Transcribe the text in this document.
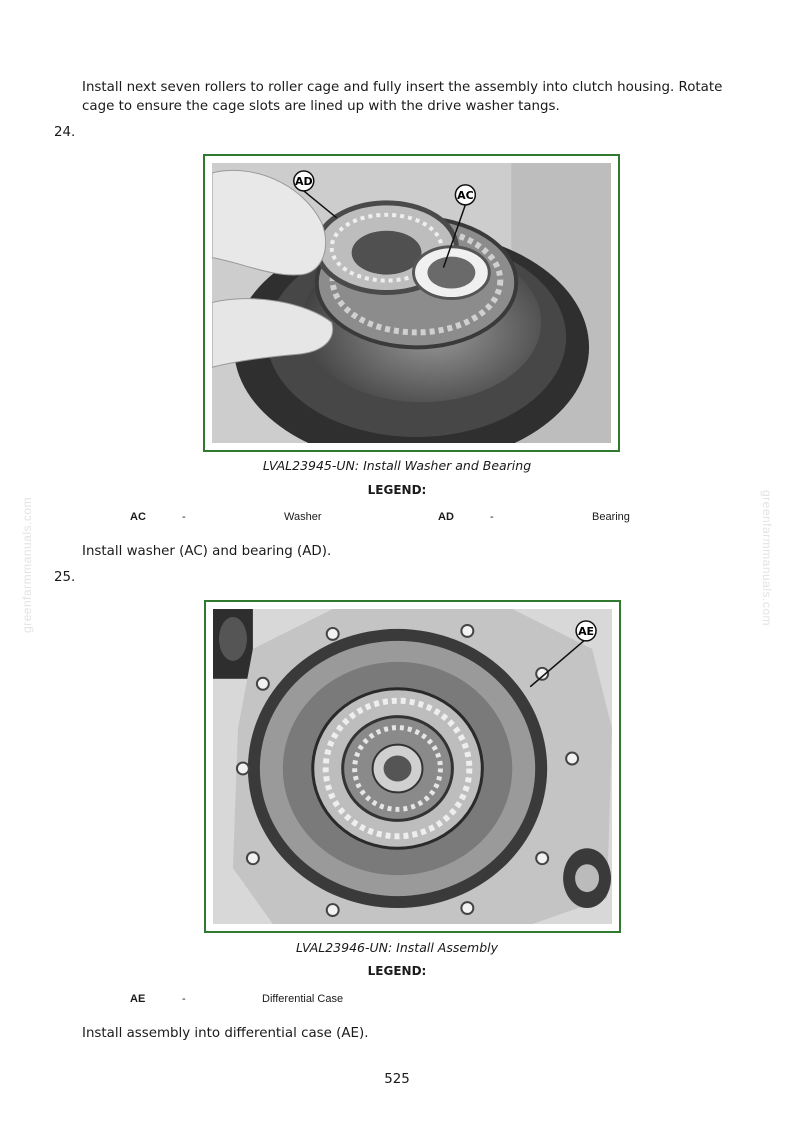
greenfarmmanuals.com	greenfarmmanuals.com

Install next seven rollers to roller cage and fully insert the assembly into clutch housing. Rotate cage to ensure the cage slots are lined up with the drive washer tangs.

24.
AD
AC
LVAL23945-UN: Install Washer and Bearing
LEGEND:
AC	-	Washer	AD	-	Bearing

Install washer (AC) and bearing (AD).

25.
AE
LVAL23946-UN: Install Assembly
LEGEND:
AE	-	Differential Case

Install assembly into differential case (AE).

525
